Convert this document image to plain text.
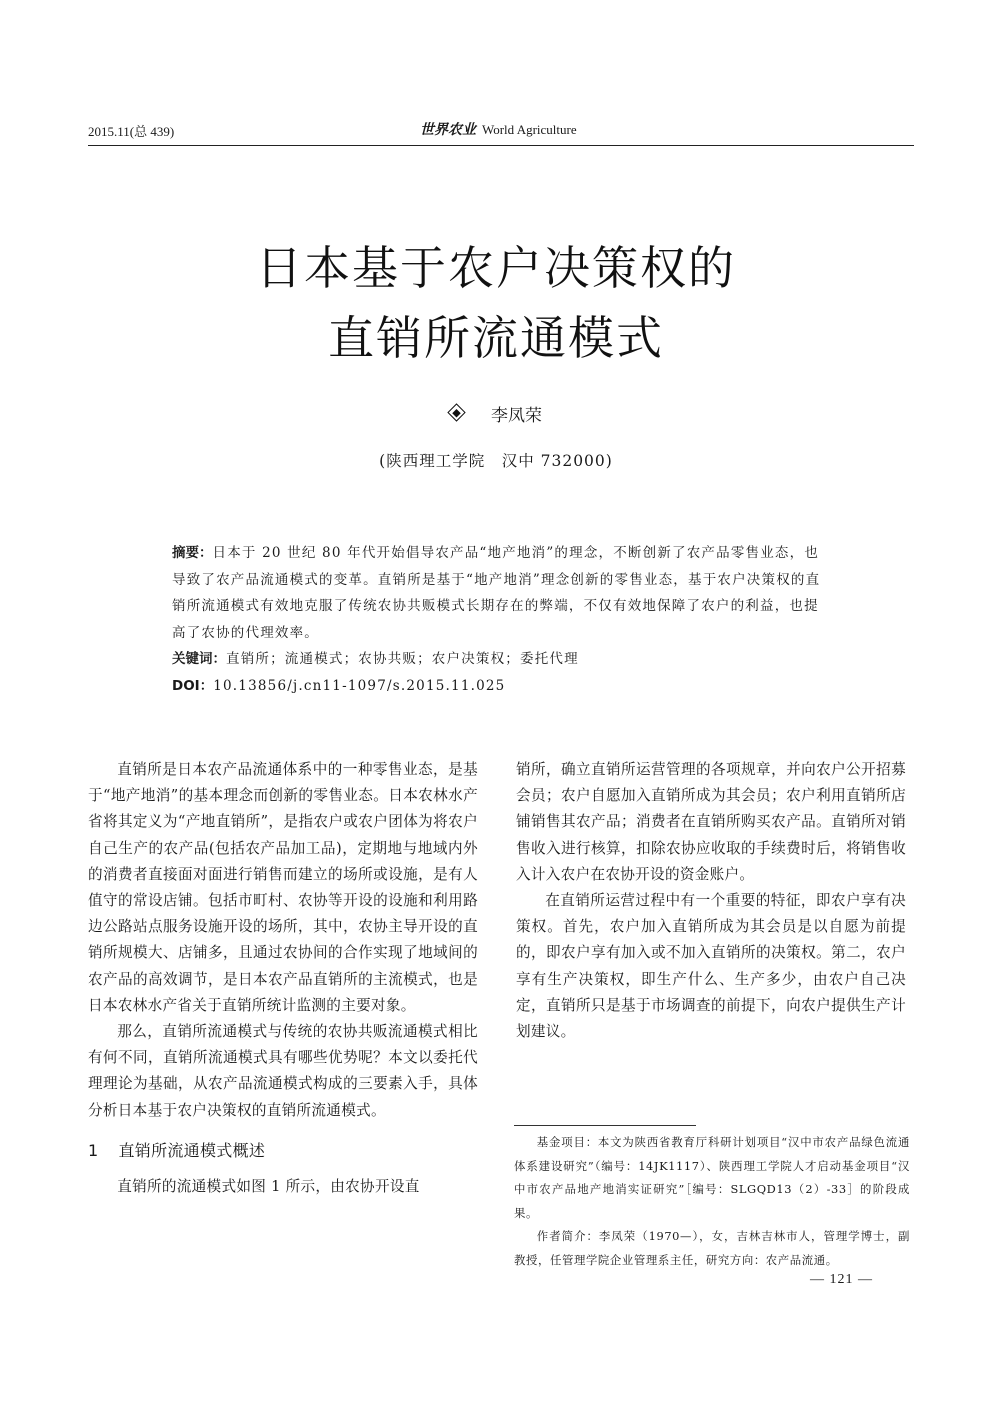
2015.11(总 439)	世界农业 World Agriculture
日本基于农户决策权的
直销所流通模式
李凤荣
(陕西理工学院　汉中 732000)

摘要：日本于 20 世纪 80 年代开始倡导农产品“地产地消”的理念，不断创新了农产品零售业态，也导致了农产品流通模式的变革。直销所是基于“地产地消”理念创新的零售业态，基于农户决策权的直销所流通模式有效地克服了传统农协共贩模式长期存在的弊端，不仅有效地保障了农户的利益，也提高了农协的代理效率。

关键词：直销所；流通模式；农协共贩；农户决策权；委托代理

DOI：10.13856/j.cn11-1097/s.2015.11.025

直销所是日本农产品流通体系中的一种零售业态，是基于“地产地消”的基本理念而创新的零售业态。日本农林水产省将其定义为“产地直销所”，是指农户或农户团体为将农户自己生产的农产品(包括农产品加工品)，定期地与地域内外的消费者直接面对面进行销售而建立的场所或设施，是有人值守的常设店铺。包括市町村、农协等开设的设施和利用路边公路站点服务设施开设的场所，其中，农协主导开设的直销所规模大、店铺多，且通过农协间的合作实现了地域间的农产品的高效调节，是日本农产品直销所的主流模式，也是日本农林水产省关于直销所统计监测的主要对象。

那么，直销所流通模式与传统的农协共贩流通模式相比有何不同，直销所流通模式具有哪些优势呢？本文以委托代理理论为基础，从农产品流通模式构成的三要素入手，具体分析日本基于农户决策权的直销所流通模式。

1 直销所流通模式概述

直销所的流通模式如图 1 所示，由农协开设直

销所，确立直销所运营管理的各项规章，并向农户公开招募会员；农户自愿加入直销所成为其会员；农户利用直销所店铺销售其农产品；消费者在直销所购买农产品。直销所对销售收入进行核算，扣除农协应收取的手续费时后，将销售收入计入农户在农协开设的资金账户。

在直销所运营过程中有一个重要的特征，即农户享有决策权。首先，农户加入直销所成为其会员是以自愿为前提的，即农户享有加入或不加入直销所的决策权。第二，农户享有生产决策权，即生产什么、生产多少，由农户自己决定，直销所只是基于市场调查的前提下，向农户提供生产计划建议。

基金项目：本文为陕西省教育厅科研计划项目“汉中市农产品绿色流通体系建设研究”（编号：14JK1117）、陕西理工学院人才启动基金项目“汉中市农产品地产地消实证研究”［编号：SLGQD13（2）-33］的阶段成果。

作者简介：李凤荣（1970—），女，吉林吉林市人，管理学博士，副教授，任管理学院企业管理系主任，研究方向：农产品流通。

— 121 —
